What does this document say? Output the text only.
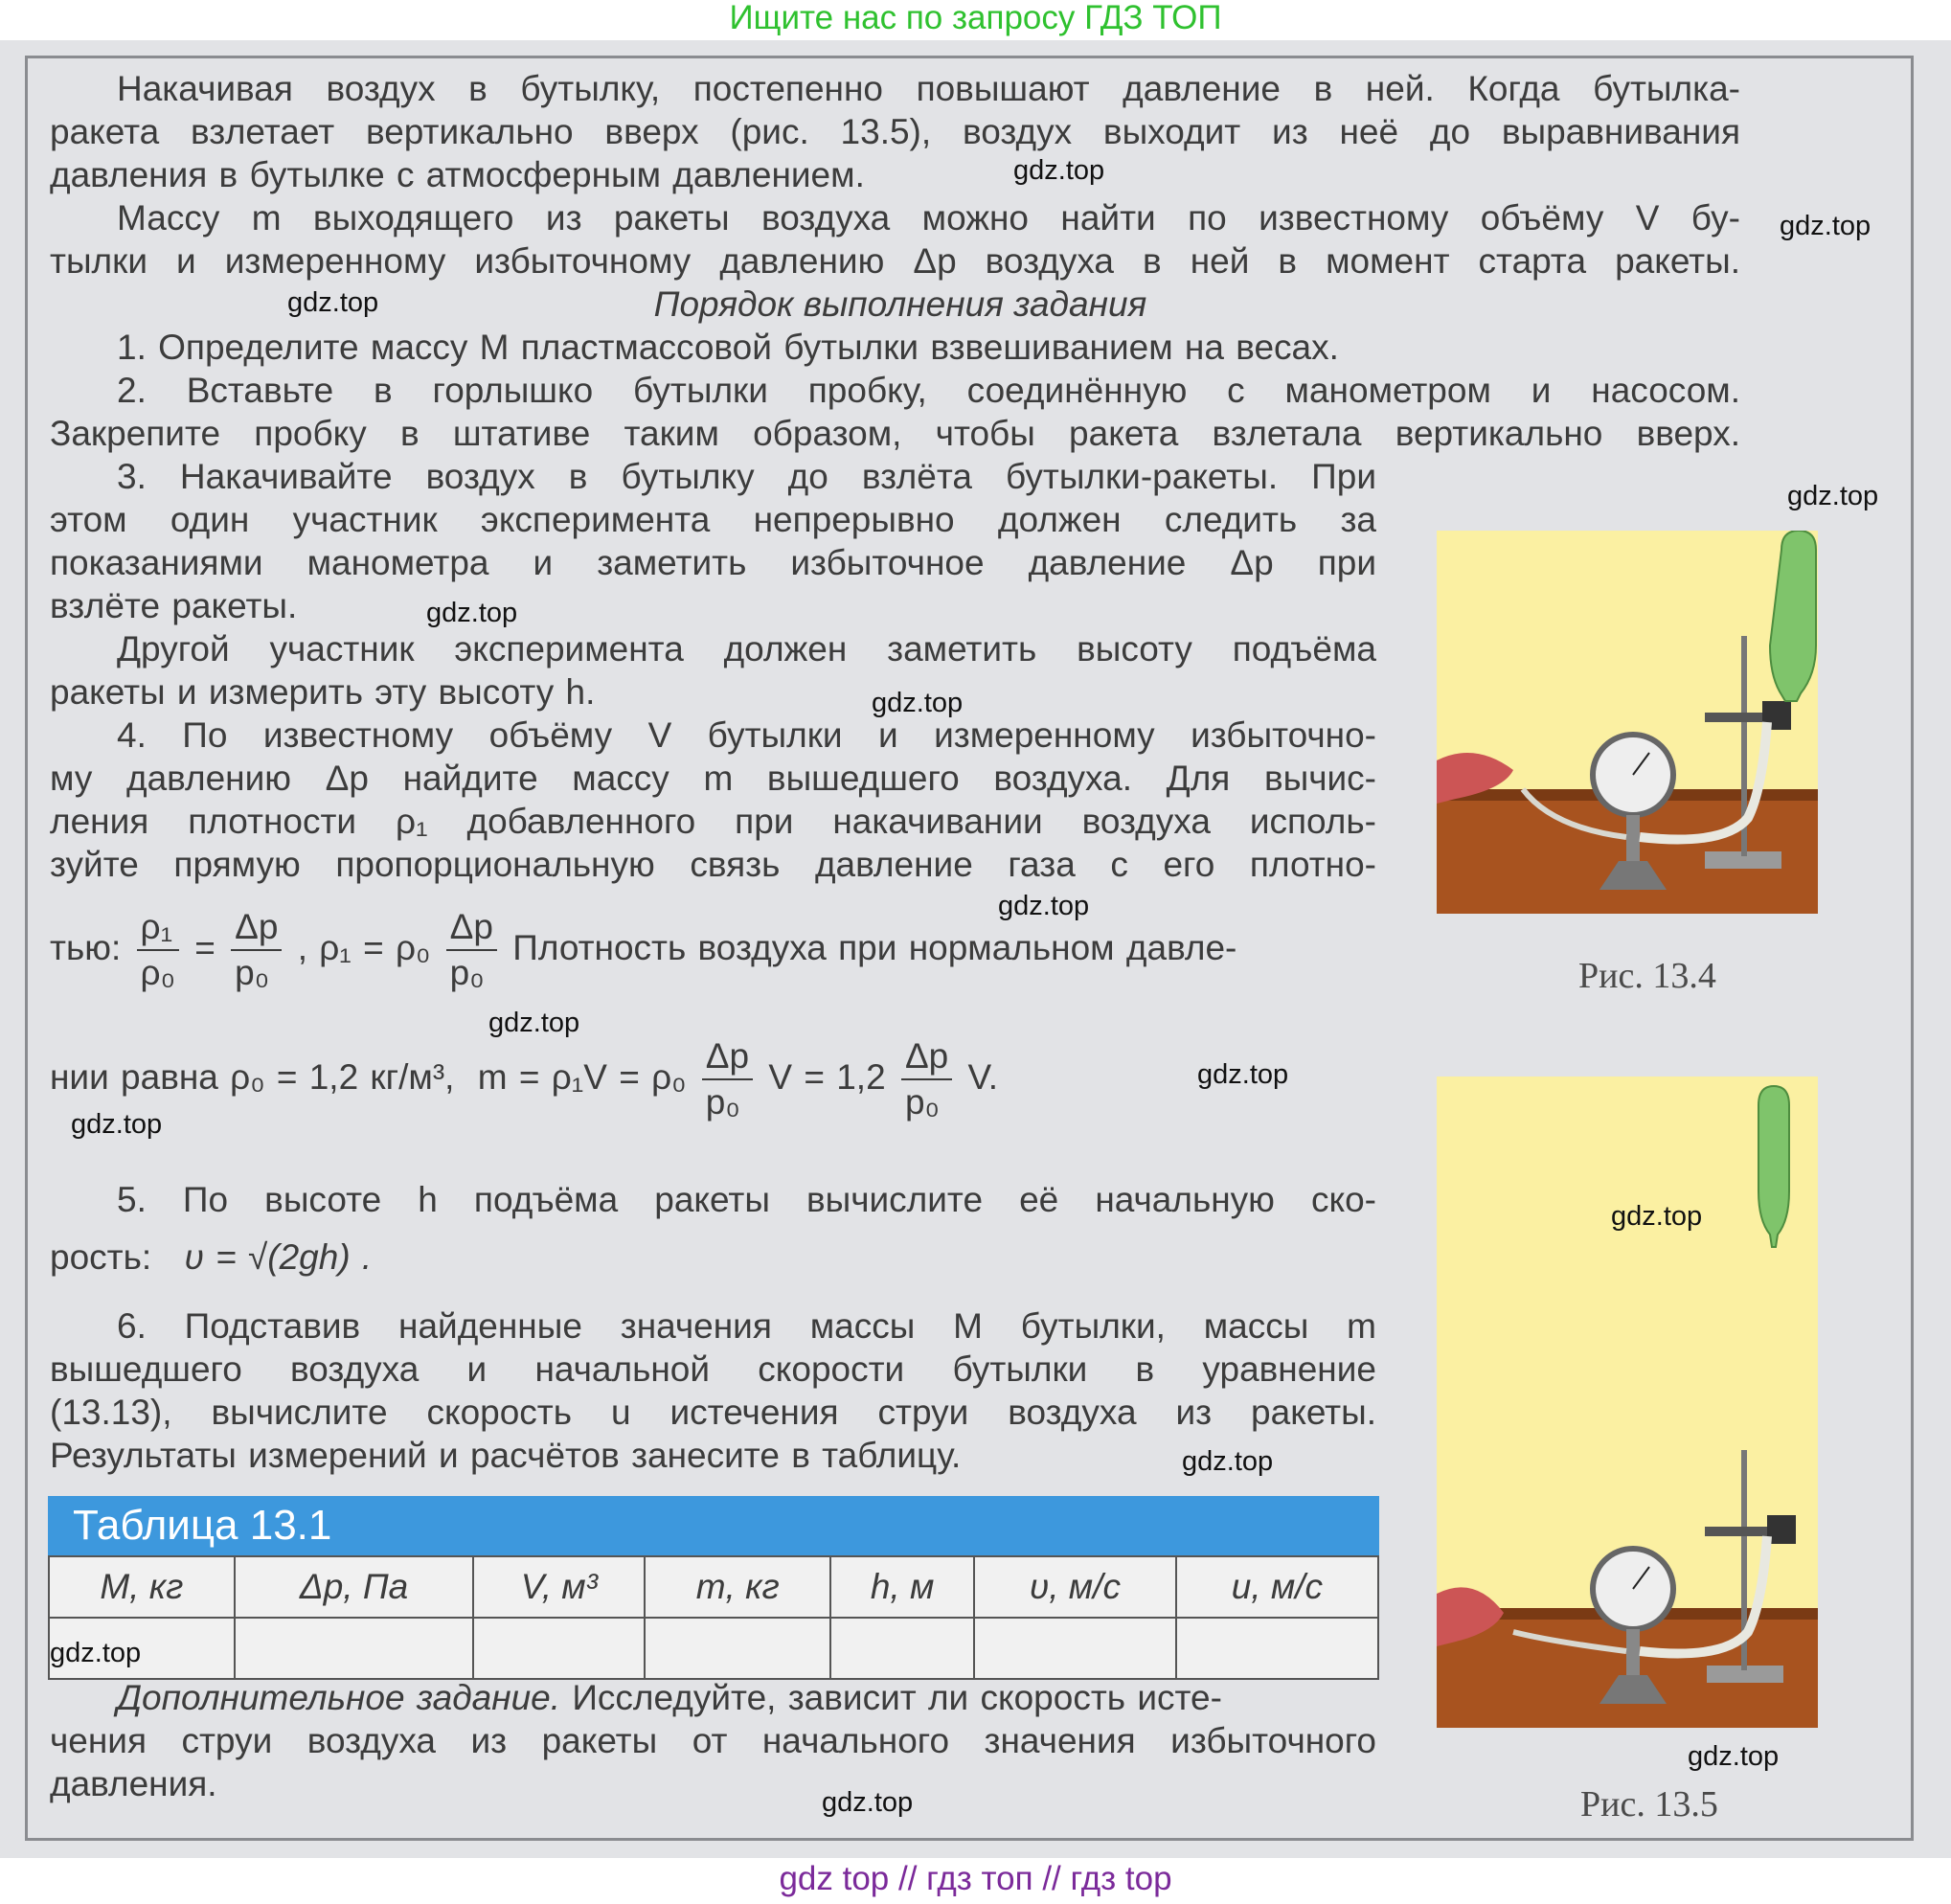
Ищите нас по запросу ГДЗ ТОП

Накачивая воздух в бутылку, постепенно повышают давление в ней. Когда бутылка-

ракета взлетает вертикально вверх (рис. 13.5), воздух выходит из неё до выравнивания

давления в бутылке с атмосферным давлением.

Массу m выходящего из ракеты воздуха можно найти по известному объёму V бу-

тылки и измеренному избыточному давлению Δp воздуха в ней в момент старта ракеты.

Порядок выполнения задания

1. Определите массу M пластмассовой бутылки взвешиванием на весах.

2. Вставьте в горлышко бутылки пробку, соединённую с манометром и насосом.

Закрепите пробку в штативе таким образом, чтобы ракета взлетала вертикально вверх.

3. Накачивайте воздух в бутылку до взлёта бутылки-ракеты. При

этом один участник эксперимента непрерывно должен следить за

показаниями манометра и заметить избыточное давление Δp при

взлёте ракеты.

Другой участник эксперимента должен заметить высоту подъёма

ракеты и измерить эту высоту h.

4. По известному объёму V бутылки и измеренному избыточно-

му давлению Δp найдите массу m вышедшего воздуха. Для вычис-

ления плотности ρ₁ добавленного при накачивании воздуха исполь-

зуйте прямую пропорциональную связь давление газа с его плотно-

тью: $\frac{\text{ρ₁}}{\text{ρ₀}} = \frac{\Delta p}{\text{p₀}}$ , $\rho_1 = \rho_0 \frac{\Delta p}{\text{p₀}}$ Плотность воздуха при нормальном давле-
нии равна ρ₀ = 1,2 кг/м³, $m = \rho_1V = \rho_0 \frac{\Delta p}{\text{p₀}}$ $V = 1,2 \frac{\Delta p}{\text{p₀}} V$.

5. По высоте h подъёма ракеты вычислите её начальную ско-

рость: υ = √(2gh) .

6. Подставив найденные значения массы M бутылки, массы m

вышедшего воздуха и начальной скорости бутылки в уравнение

(13.13), вычислите скорость u истечения струи воздуха из ракеты.

Результаты измерений и расчётов занесите в таблицу.

Таблица 13.1
M, кг	Δp, Па	V, м³	m, кг	h, м	υ, м/с	u, м/с

Дополнительное задание. Исследуйте, зависит ли скорость исте-

чения струи воздуха из ракеты от начального значения избыточного

давления.

Рис. 13.4
Рис. 13.5
gdz.top
gdz.top
gdz.top
gdz.top
gdz.top
gdz.top
gdz.top
gdz.top
gdz.top
gdz.top
gdz.top
gdz.top
gdz.top
gdz.top
gdz.top
gdz top // гдз топ // гдз top
